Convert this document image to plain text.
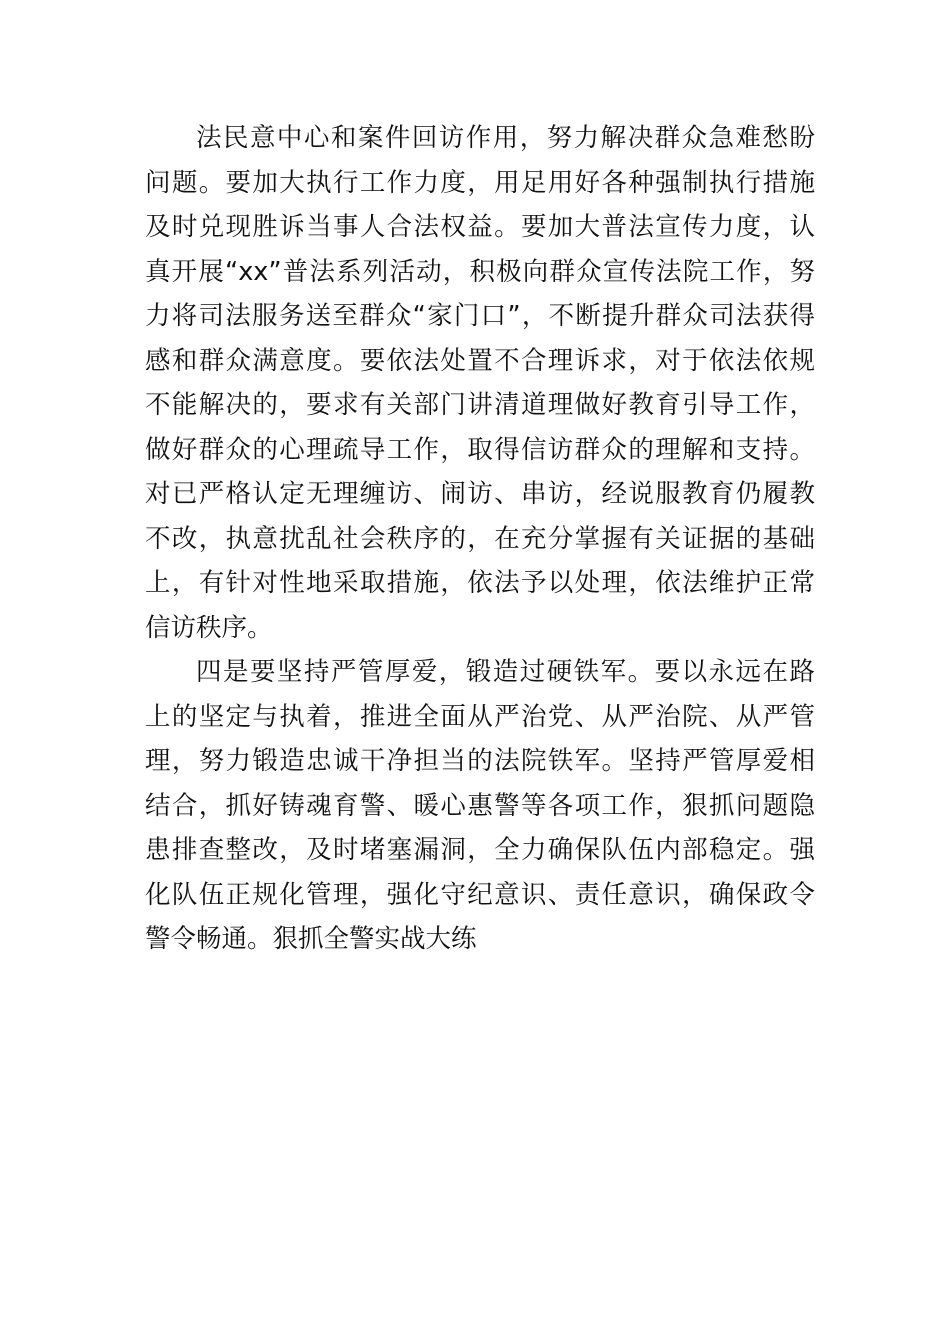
法民意中心和案件回访作用，努力解决群众急难愁盼
问题。要加大执行工作力度，用足用好各种强制执行措施
及时兑现胜诉当事人合法权益。要加大普法宣传力度，认
真开展“xx”普法系列活动，积极向群众宣传法院工作，努
力将司法服务送至群众“家门口”，不断提升群众司法获得
感和群众满意度。要依法处置不合理诉求，对于依法依规
不能解决的，要求有关部门讲清道理做好教育引导工作，
做好群众的心理疏导工作，取得信访群众的理解和支持。
对已严格认定无理缠访、闹访、串访，经说服教育仍履教
不改，执意扰乱社会秩序的，在充分掌握有关证据的基础
上，有针对性地采取措施，依法予以处理，依法维护正常
信访秩序。
四是要坚持严管厚爱，锻造过硬铁军。要以永远在路
上的坚定与执着，推进全面从严治党、从严治院、从严管
理，努力锻造忠诚干净担当的法院铁军。坚持严管厚爱相
结合，抓好铸魂育警、暖心惠警等各项工作，狠抓问题隐
患排查整改，及时堵塞漏洞，全力确保队伍内部稳定。强
化队伍正规化管理，强化守纪意识、责任意识，确保政令
警令畅通。狠抓全警实战大练
